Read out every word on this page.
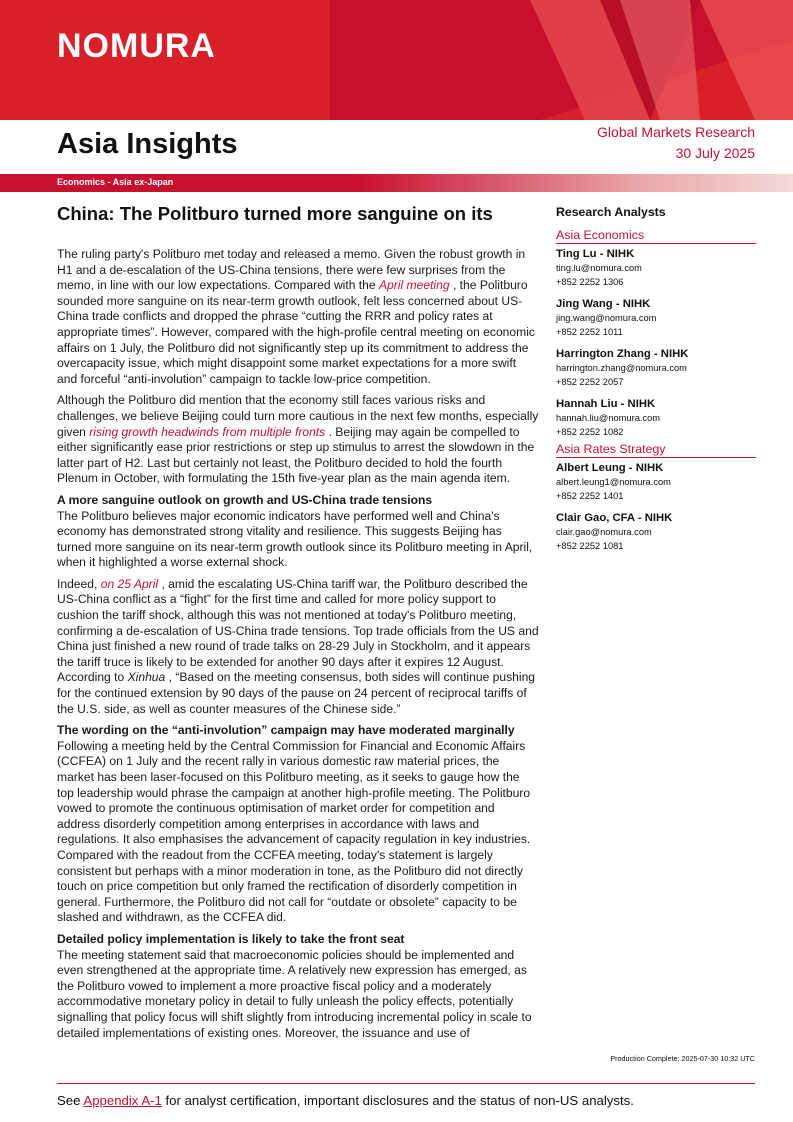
NOMURA
Asia Insights	Global Markets Research
30 July 2025
Economics - Asia ex-Japan
China: The Politburo turned more sanguine on its

The ruling party's Politburo met today and released a memo. Given the robust growth in H1 and a de-escalation of the US-China tensions, there were few surprises from the memo, in line with our low expectations. Compared with the April meeting , the Politburo sounded more sanguine on its near-term growth outlook, felt less concerned about US-China trade conflicts and dropped the phrase “cutting the RRR and policy rates at appropriate times”. However, compared with the high-profile central meeting on economic affairs on 1 July, the Politburo did not significantly step up its commitment to address the overcapacity issue, which might disappoint some market expectations for a more swift and forceful “anti-involution” campaign to tackle low-price competition.

Although the Politburo did mention that the economy still faces various risks and challenges, we believe Beijing could turn more cautious in the next few months, especially given rising growth headwinds from multiple fronts . Beijing may again be compelled to either significantly ease prior restrictions or step up stimulus to arrest the slowdown in the latter part of H2. Last but certainly not least, the Politburo decided to hold the fourth Plenum in October, with formulating the 15th five-year plan as the main agenda item.

A more sanguine outlook on growth and US-China trade tensions

The Politburo believes major economic indicators have performed well and China's economy has demonstrated strong vitality and resilience. This suggests Beijing has turned more sanguine on its near-term growth outlook since its Politburo meeting in April, when it highlighted a worse external shock.

Indeed, on 25 April , amid the escalating US-China tariff war, the Politburo described the US-China conflict as a “fight” for the first time and called for more policy support to cushion the tariff shock, although this was not mentioned at today's Politburo meeting, confirming a de-escalation of US-China trade tensions. Top trade officials from the US and China just finished a new round of trade talks on 28-29 July in Stockholm, and it appears the tariff truce is likely to be extended for another 90 days after it expires 12 August. According to Xinhua , “Based on the meeting consensus, both sides will continue pushing for the continued extension by 90 days of the pause on 24 percent of reciprocal tariffs of the U.S. side, as well as counter measures of the Chinese side.”

The wording on the “anti-involution” campaign may have moderated marginally

Following a meeting held by the Central Commission for Financial and Economic Affairs (CCFEA) on 1 July and the recent rally in various domestic raw material prices, the market has been laser-focused on this Politburo meeting, as it seeks to gauge how the top leadership would phrase the campaign at another high-profile meeting. The Politburo vowed to promote the continuous optimisation of market order for competition and address disorderly competition among enterprises in accordance with laws and regulations. It also emphasises the advancement of capacity regulation in key industries. Compared with the readout from the CCFEA meeting, today's statement is largely consistent but perhaps with a minor moderation in tone, as the Politburo did not directly touch on price competition but only framed the rectification of disorderly competition in general. Furthermore, the Politburo did not call for “outdate or obsolete” capacity to be slashed and withdrawn, as the CCFEA did.

Detailed policy implementation is likely to take the front seat

The meeting statement said that macroeconomic policies should be implemented and even strengthened at the appropriate time. A relatively new expression has emerged, as the Politburo vowed to implement a more proactive fiscal policy and a moderately accommodative monetary policy in detail to fully unleash the policy effects, potentially signalling that policy focus will shift slightly from introducing incremental policy in scale to detailed implementations of existing ones. Moreover, the issuance and use of

Research Analysts
Asia Economics
Ting Lu - NIHK
ting.lu@nomura.com
+852 2252 1306
Jing Wang - NIHK
jing.wang@nomura.com
+852 2252 1011
Harrington Zhang - NIHK
harrington.zhang@nomura.com
+852 2252 2057
Hannah Liu - NIHK
hannah.liu@nomura.com
+852 2252 1082
Asia Rates Strategy
Albert Leung - NIHK
albert.leung1@nomura.com
+852 2252 1401
Clair Gao, CFA - NIHK
clair.gao@nomura.com
+852 2252 1081
Production Complete: 2025-07-30 10:32 UTC
See Appendix A-1 for analyst certification, important disclosures and the status of non-US analysts.
